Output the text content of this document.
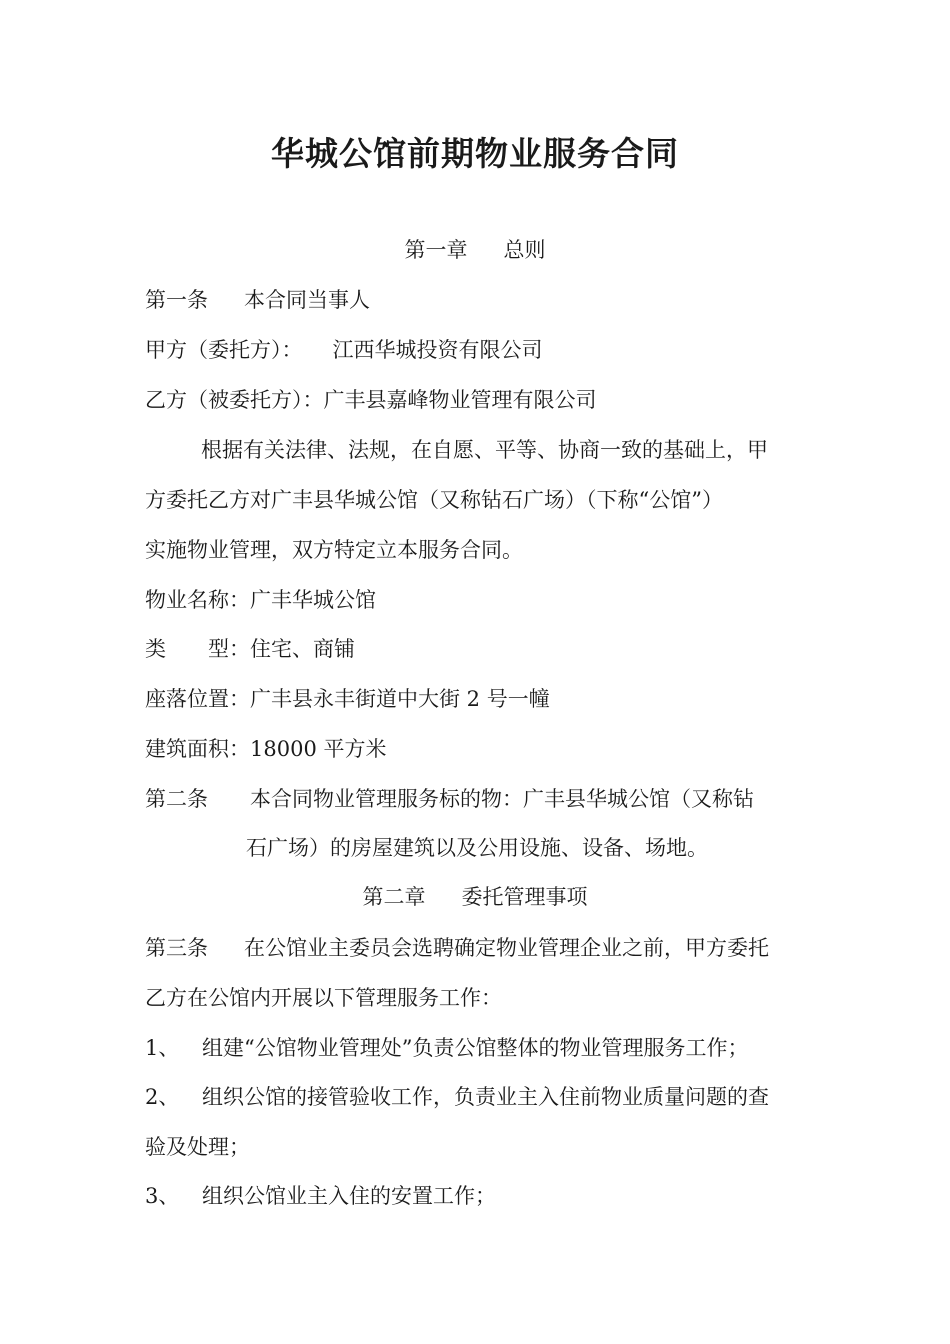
华城公馆前期物业服务合同
第一章 总则
第一条 本合同当事人
甲方（委托方）： 江西华城投资有限公司
乙方（被委托方）：广丰县嘉峰物业管理有限公司
根据有关法律、法规，在自愿、平等、协商一致的基础上，甲
方委托乙方对广丰县华城公馆（又称钻石广场）（下称“公馆”）
实施物业管理，双方特定立本服务合同。
物业名称：广丰华城公馆
类 型：住宅、商铺
座落位置：广丰县永丰街道中大街 2 号一幢
建筑面积：18000 平方米
第二条 本合同物业管理服务标的物：广丰县华城公馆（又称钻
石广场）的房屋建筑以及公用设施、设备、场地。
第二章 委托管理事项
第三条 在公馆业主委员会选聘确定物业管理企业之前，甲方委托
乙方在公馆内开展以下管理服务工作：
1、 组建“公馆物业管理处”负责公馆整体的物业管理服务工作；
2、 组织公馆的接管验收工作，负责业主入住前物业质量问题的查
验及处理；
3、 组织公馆业主入住的安置工作；
